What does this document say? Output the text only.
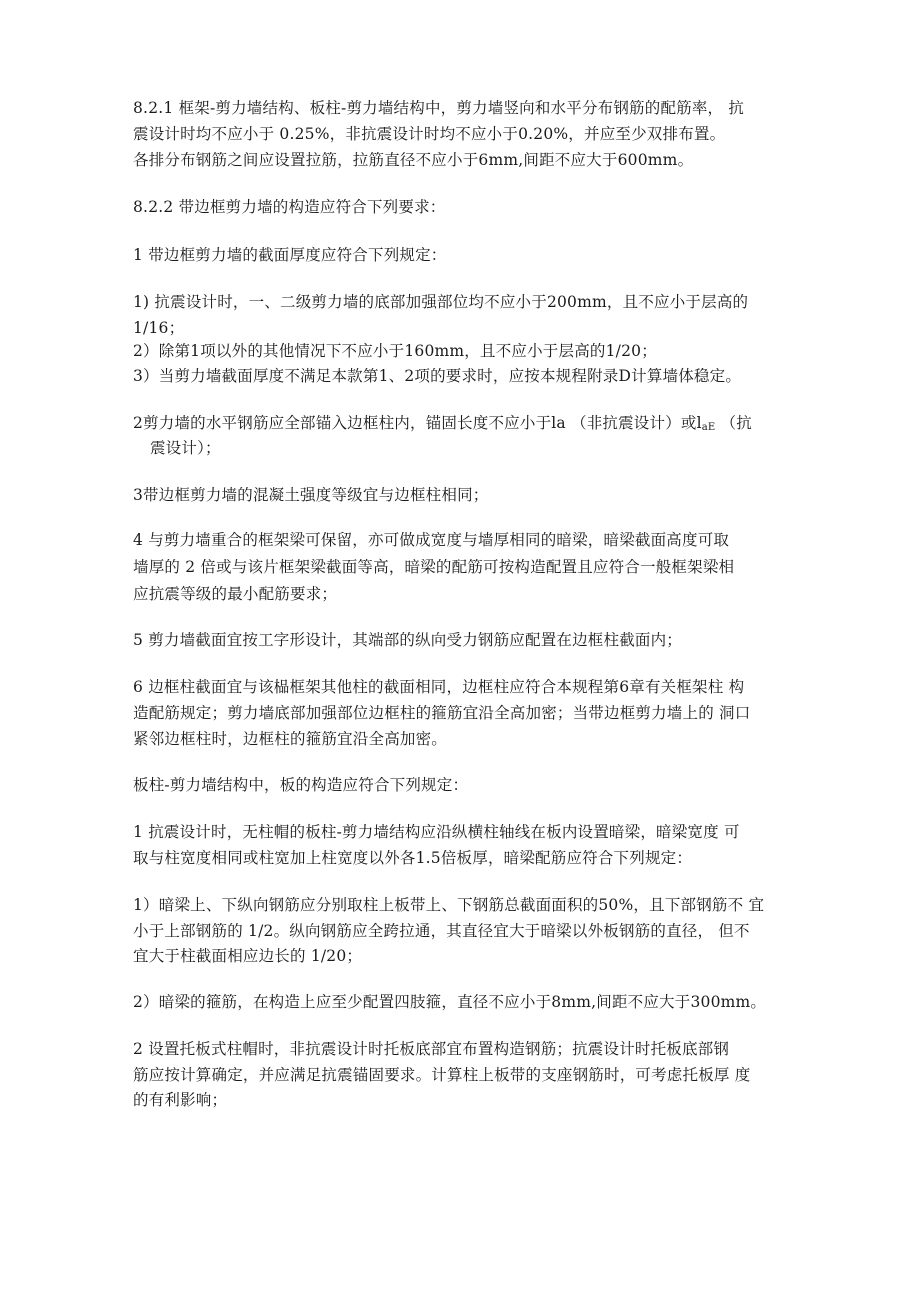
8.2.1 框架-剪力墙结构、板柱-剪力墙结构中，剪力墙竖向和水平分布钢筋的配筋率， 抗
震设计时均不应小于 0.25%，非抗震设计时均不应小于0.20%，并应至少双排布置。
各排分布钢筋之间应设置拉筋，拉筋直径不应小于6mm,间距不应大于600mm。
8.2.2 带边框剪力墙的构造应符合下列要求：
1 带边框剪力墙的截面厚度应符合下列规定：
1) 抗震设计时，一、二级剪力墙的底部加强部位均不应小于200mm，且不应小于层高的
1/16；
2）除第1项以外的其他情况下不应小于160mm，且不应小于层高的1/20；
3）当剪力墙截面厚度不满足本款第1、2项的要求时，应按本规程附录D计算墙体稳定。
2剪力墙的水平钢筋应全部锚入边框柱内，锚固长度不应小于la （非抗震设计）或$l_{aE}$ （抗
震设计）；
3带边框剪力墙的混凝土强度等级宜与边框柱相同；
4 与剪力墙重合的框架梁可保留，亦可做成宽度与墙厚相同的暗梁，暗梁截面高度可取
墙厚的 2 倍或与该片框架梁截面等高，暗梁的配筋可按构造配置且应符合一般框架梁相
应抗震等级的最小配筋要求；
5 剪力墙截面宜按工字形设计，其端部的纵向受力钢筋应配置在边框柱截面内；
6 边框柱截面宜与该榀框架其他柱的截面相同，边框柱应符合本规程第6章有关框架柱 构
造配筋规定；剪力墙底部加强部位边框柱的箍筋宜沿全高加密；当带边框剪力墙上的 洞口
紧邻边框柱时，边框柱的箍筋宜沿全高加密。
板柱-剪力墙结构中，板的构造应符合下列规定：
1 抗震设计时，无柱帽的板柱-剪力墙结构应沿纵横柱轴线在板内设置暗梁，暗梁宽度 可
取与柱宽度相同或柱宽加上柱宽度以外各1.5倍板厚，暗梁配筋应符合下列规定：
1）暗梁上、下纵向钢筋应分别取柱上板带上、下钢筋总截面面积的50%，且下部钢筋不 宜
小于上部钢筋的 1/2。纵向钢筋应全跨拉通，其直径宜大于暗梁以外板钢筋的直径， 但不
宜大于柱截面相应边长的 1/20；
2）暗梁的箍筋，在构造上应至少配置四肢箍，直径不应小于8mm,间距不应大于300mm。
2 设置托板式柱帽时，非抗震设计时托板底部宜布置构造钢筋；抗震设计时托板底部钢
筋应按计算确定，并应满足抗震锚固要求。计算柱上板带的支座钢筋时，可考虑托板厚 度
的有利影响；
